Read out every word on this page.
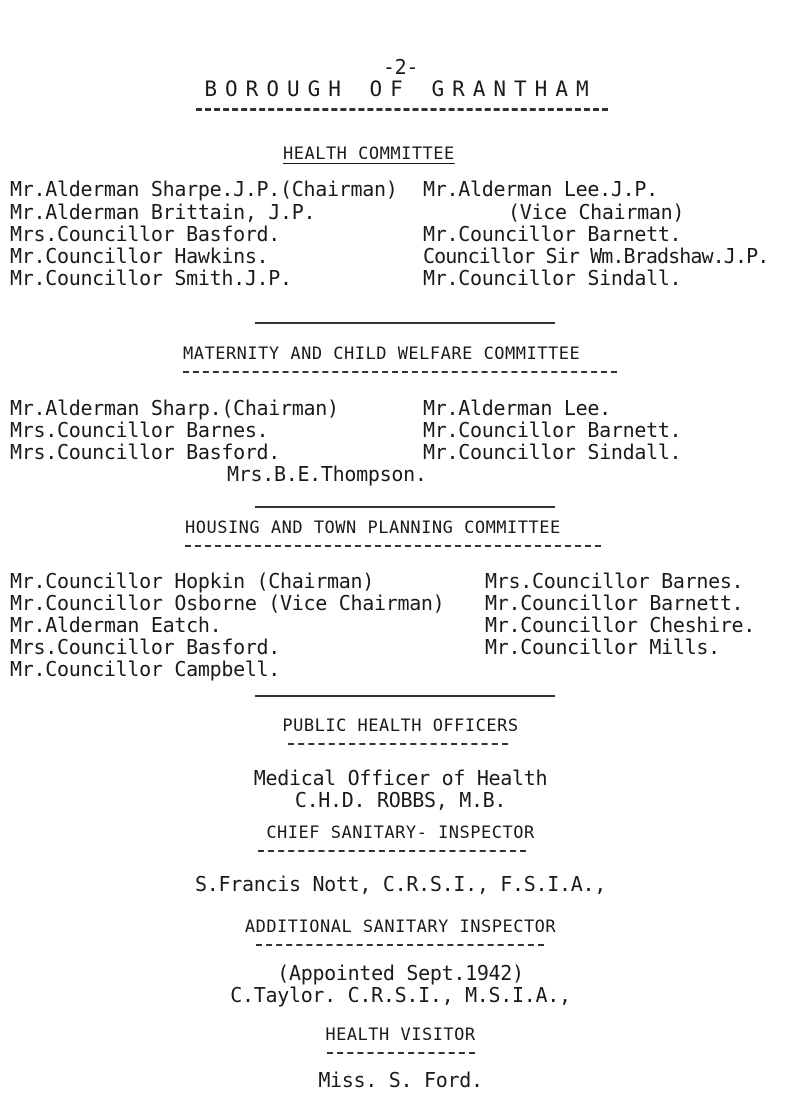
-2-
BOROUGH OF GRANTHAM
HEALTH COMMITTEE
Mr.Alderman Sharpe.J.P.(Chairman)
Mr.Alderman Brittain, J.P.
Mrs.Councillor Basford.
Mr.Councillor Hawkins.
Mr.Councillor Smith.J.P.
Mr.Alderman Lee.J.P.
(Vice Chairman)
Mr.Councillor Barnett.
Councillor Sir Wm.Bradshaw.J.P.
Mr.Councillor Sindall.
MATERNITY AND CHILD WELFARE COMMITTEE
Mr.Alderman Sharp.(Chairman)
Mrs.Councillor Barnes.
Mrs.Councillor Basford.
Mr.Alderman Lee.
Mr.Councillor Barnett.
Mr.Councillor Sindall.
Mrs.B.E.Thompson.
HOUSING AND TOWN PLANNING COMMITTEE
Mr.Councillor Hopkin (Chairman)
Mr.Councillor Osborne (Vice Chairman)
Mr.Alderman Eatch.
Mrs.Councillor Basford.
Mr.Councillor Campbell.
Mrs.Councillor Barnes.
Mr.Councillor Barnett.
Mr.Councillor Cheshire.
Mr.Councillor Mills.
PUBLIC HEALTH OFFICERS
Medical Officer of Health
C.H.D. ROBBS, M.B.
CHIEF SANITARY- INSPECTOR
S.Francis Nott, C.R.S.I., F.S.I.A.,
ADDITIONAL SANITARY INSPECTOR
(Appointed Sept.1942)
C.Taylor. C.R.S.I., M.S.I.A.,
HEALTH VISITOR
Miss. S. Ford.
